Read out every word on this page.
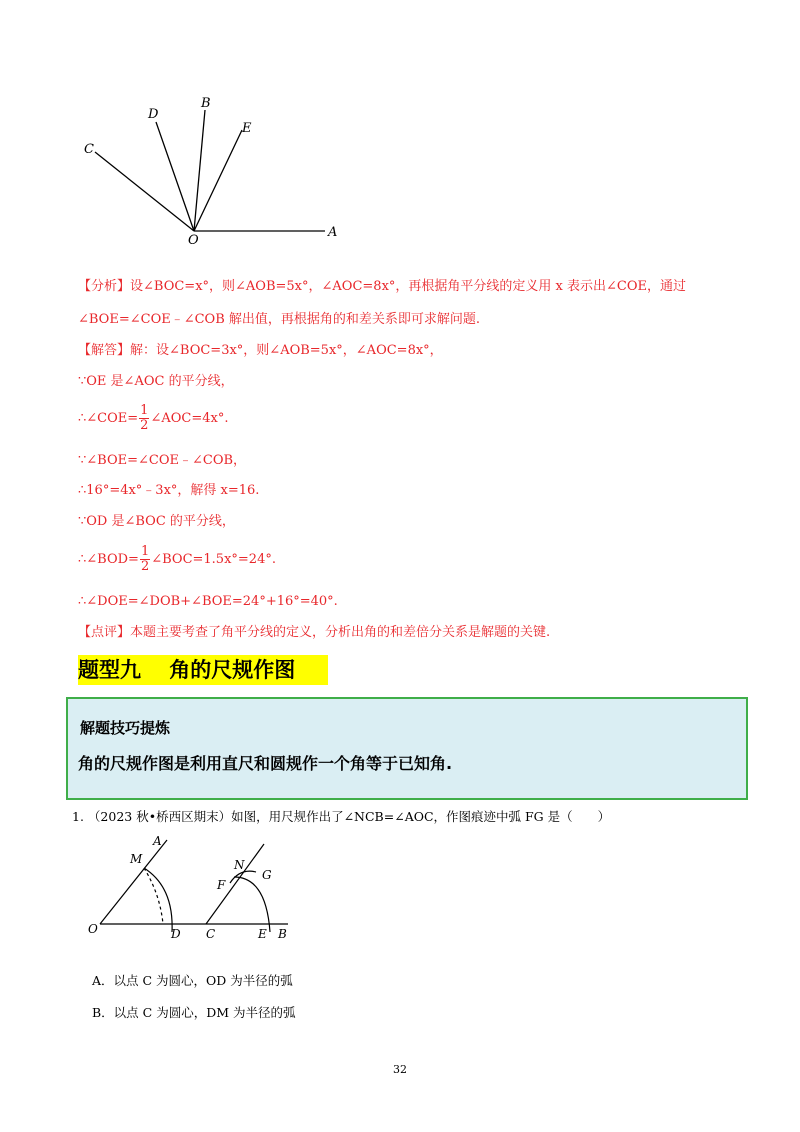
D
B
E
C
O
A
【分析】设∠BOC=x°，则∠AOB=5x°，∠AOC=8x°，再根据角平分线的定义用 x 表示出∠COE，通过
∠BOE=∠COE﹣∠COB 解出值，再根据角的和差关系即可求解问题.
【解答】解：设∠BOC=3x°，则∠AOB=5x°，∠AOC=8x°，
∵OE 是∠AOC 的平分线，
∴∠COE= $\frac{1}{2}$ ∠AOC=4x°.
∵∠BOE=∠COE﹣∠COB，
∴16°=4x°﹣3x°，解得 x=16.
∵OD 是∠BOC 的平分线，
∴∠BOD= $\frac{1}{2}$ ∠BOC=1.5x°=24°.
∴∠DOE=∠DOB+∠BOE=24°+16°=40°.
【点评】本题主要考查了角平分线的定义，分析出角的和差倍分关系是解题的关键.
题型九　 角的尺规作图
解题技巧提炼
角的尺规作图是利用直尺和圆规作一个角等于已知角.
1. （2023 秋•桥西区期末）如图，用尺规作出了∠NCB=∠AOC，作图痕迹中弧 FG 是（　　）
A
M
O	D
N
G
F
C	E B
A．以点 C 为圆心，OD 为半径的弧
B．以点 C 为圆心，DM 为半径的弧
32
